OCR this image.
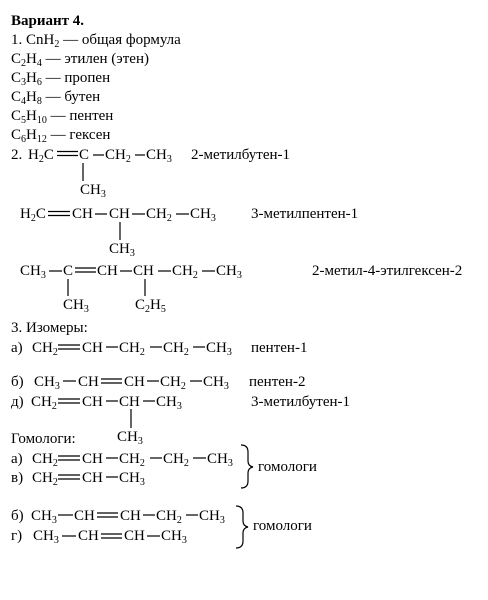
Вариант 4.
1. CnH$_2$ — общая формула
$C_2H_4$ — этилен (этен)
$C_3H_6$ — пропен
$C_4H_8$ — бутен
$C_5H_{10}$ — пентен
$C_6H_{12}$ — гексен
2. $H_2C$ C $CH_2$ $CH_3$
$CH_3$
2-метилбутен-1
$H_2C$ CH CH $CH_2$ $CH_3$
$CH_3$
3-метилпентен-1
$CH_3$ C CH CH $CH_2$ $CH_3$
$CH_3$	$C_2H_5$
2-метил-4-этилгексен-2
3. Изомеры:
а) $CH_2$ CH $CH_2$ $CH_2$ $CH_3$ пентен-1
б) $CH_3$ CH CH $CH_2$ $CH_3$ пентен-2
д) $CH_2$ CH CH $CH_3$
$CH_3$
3-метилбутен-1
Гомологи:
а) $CH_2$ CH $CH_2$ $CH_2$ $CH_3$
в) $CH_2$ CH $CH_3$
гомологи
б) $CH_3$ CH CH $CH_2$ $CH_3$
г) $CH_3$ CH CH $CH_3$
гомологи
